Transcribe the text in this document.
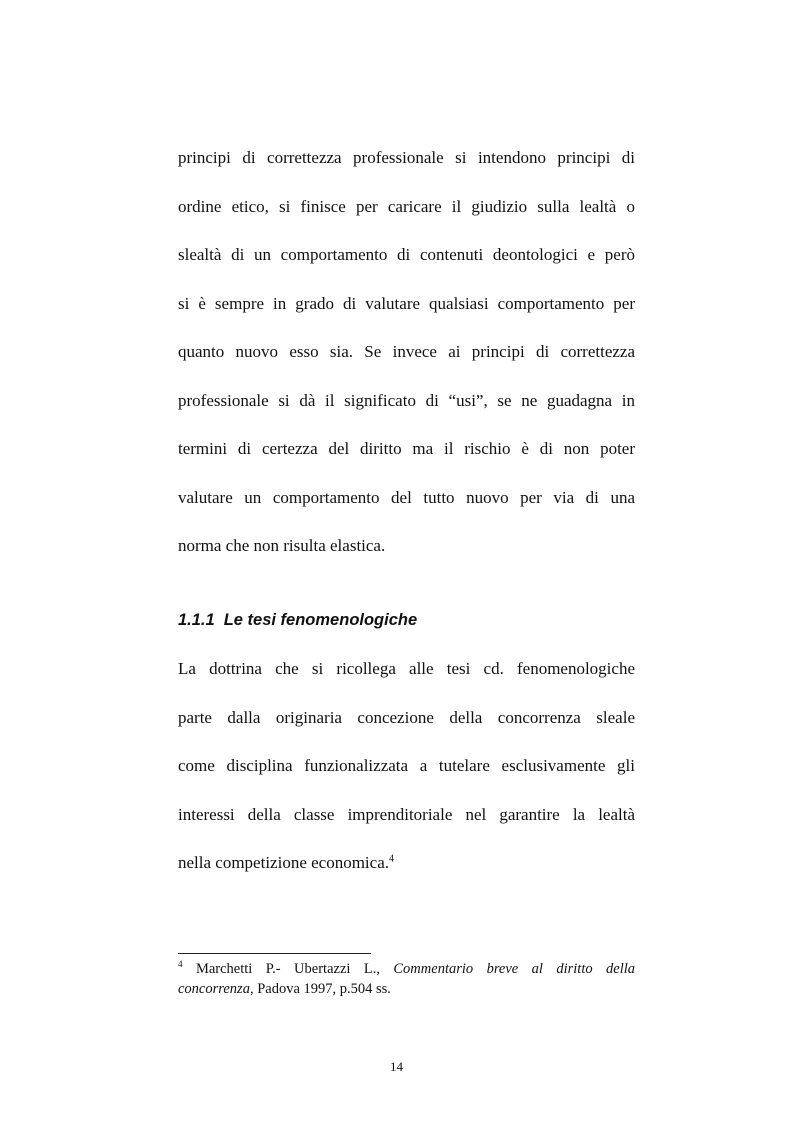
principi di correttezza professionale si intendono principi di
ordine etico, si finisce per caricare il giudizio sulla lealtà o
slealtà di un comportamento di contenuti deontologici e però
si è sempre in grado di valutare qualsiasi comportamento per
quanto nuovo esso sia. Se invece ai principi di correttezza
professionale si dà il significato di “usi”, se ne guadagna in
termini di certezza del diritto ma il rischio è di non poter
valutare un comportamento del tutto nuovo per via di una
norma che non risulta elastica.
1.1.1 Le tesi fenomenologiche
La dottrina che si ricollega alle tesi cd. fenomenologiche
parte dalla originaria concezione della concorrenza sleale
come disciplina funzionalizzata a tutelare esclusivamente gli
interessi della classe imprenditoriale nel garantire la lealtà
nella competizione economica.$^4$
$^4$ Marchetti P.- Ubertazzi L., Commentario breve al diritto della
concorrenza, Padova 1997, p.504 ss.
14
